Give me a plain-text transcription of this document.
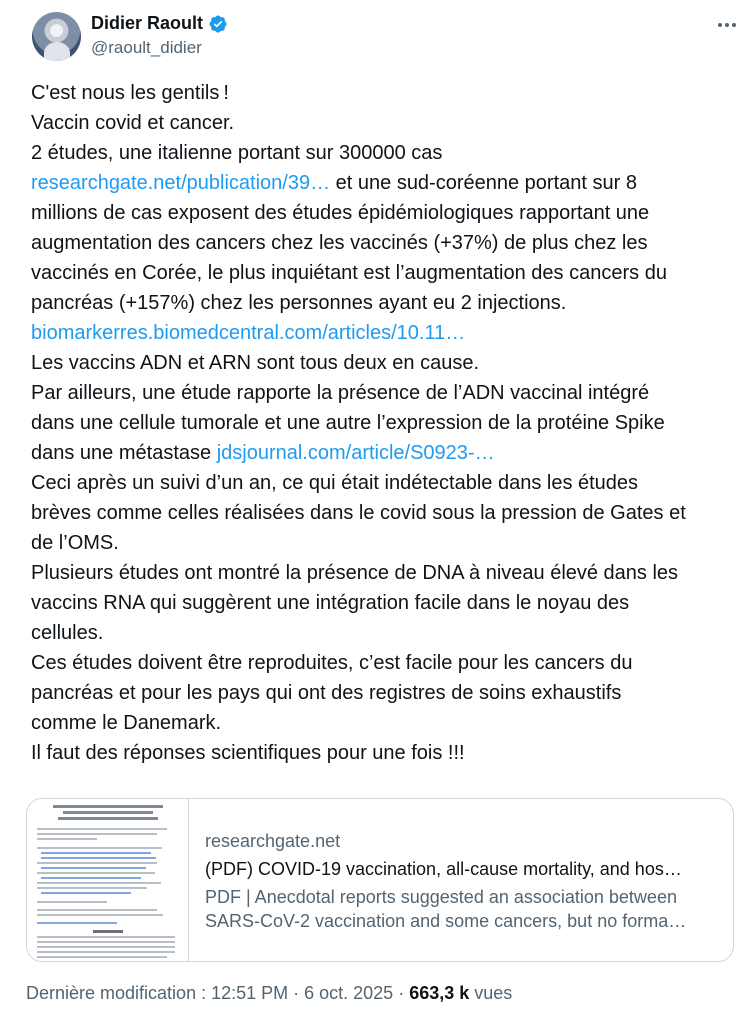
Didier Raoult
@raoult_didier
C'est nous les gentils !
Vaccin covid et cancer.
2 études, une italienne portant sur 300000 cas
researchgate.net/publication/39… et une sud-coréenne portant sur 8
millions de cas exposent des études épidémiologiques rapportant une
augmentation des cancers chez les vaccinés (+37%) de plus chez les
vaccinés en Corée, le plus inquiétant est l’augmentation des cancers du
pancréas (+157%) chez les personnes ayant eu 2 injections.
biomarkerres.biomedcentral.com/articles/10.11…
Les vaccins ADN et ARN sont tous deux en cause.
Par ailleurs, une étude rapporte la présence de l’ADN vaccinal intégré
dans une cellule tumorale et une autre l’expression de la protéine Spike
dans une métastase jdsjournal.com/article/S0923-…
Ceci après un suivi d’un an, ce qui était indétectable dans les études
brèves comme celles réalisées dans le covid sous la pression de Gates et
de l’OMS.
Plusieurs études ont montré la présence de DNA à niveau élevé dans les
vaccins RNA qui suggèrent une intégration facile dans le noyau des
cellules.
Ces études doivent être reproduites, c’est facile pour les cancers du
pancréas et pour les pays qui ont des registres de soins exhaustifs
comme le Danemark.
Il faut des réponses scientifiques pour une fois !!!
researchgate.net
(PDF) COVID-19 vaccination, all-cause mortality, and hos…
PDF | Anecdotal reports suggested an association between
SARS-CoV-2 vaccination and some cancers, but no forma…
Dernière modification : 12:51 PM · 6 oct. 2025 · 663,3 k vues
